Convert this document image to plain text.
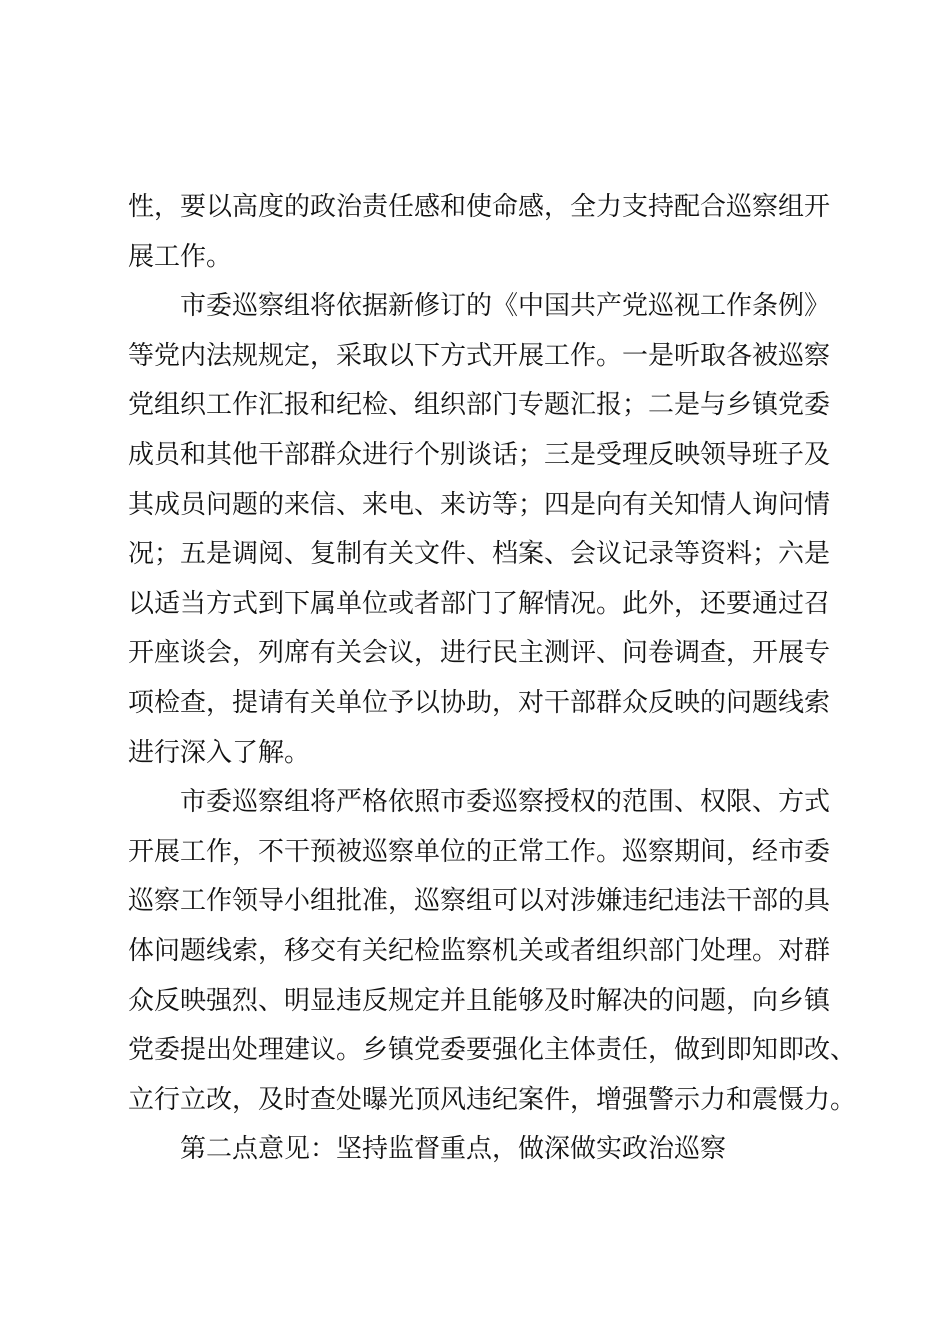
性，要以高度的政治责任感和使命感，全力支持配合巡察组开
展工作。
市委巡察组将依据新修订的《中国共产党巡视工作条例》
等党内法规规定，采取以下方式开展工作。一是听取各被巡察
党组织工作汇报和纪检、组织部门专题汇报；二是与乡镇党委
成员和其他干部群众进行个别谈话；三是受理反映领导班子及
其成员问题的来信、来电、来访等；四是向有关知情人询问情
况；五是调阅、复制有关文件、档案、会议记录等资料；六是
以适当方式到下属单位或者部门了解情况。此外，还要通过召
开座谈会，列席有关会议，进行民主测评、问卷调查，开展专
项检查，提请有关单位予以协助，对干部群众反映的问题线索
进行深入了解。
市委巡察组将严格依照市委巡察授权的范围、权限、方式
开展工作，不干预被巡察单位的正常工作。巡察期间，经市委
巡察工作领导小组批准，巡察组可以对涉嫌违纪违法干部的具
体问题线索，移交有关纪检监察机关或者组织部门处理。对群
众反映强烈、明显违反规定并且能够及时解决的问题，向乡镇
党委提出处理建议。乡镇党委要强化主体责任，做到即知即改、
立行立改，及时查处曝光顶风违纪案件，增强警示力和震慑力。
第二点意见：坚持监督重点，做深做实政治巡察
